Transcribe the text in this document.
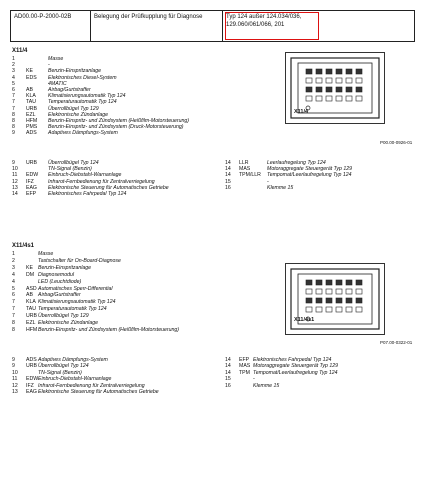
AD00.00-P-2000-02B	Belegung der Prüfkupplung für Diagnose	Typ 124 außer 124.034/036,
129.060/061/066, 201
X11/4
1	Masse
2	-
3	KE	Benzin-Einspritzanlage
4	EDS	Elektronisches Diesel-System
5	4MATIC
6	AB	Airbag/Gurtstraffer
7	KLA	Klimatisierungsautomatik Typ 124
7	TAU	Temperaturautomatik Typ 124
7	URB	Überrollbügel Typ 129
8	EZL	Elektronische Zündanlage
8	HFM	Benzin-Einspritz- und Zündsystem (Heißfilm-Motorsteuerung)
8	PMS	Benzin-Einspritz- und Zündsystem (Druck-Motorsteuerung)
9	ADS	Adaptives Dämpfungs-System
X11/4
P00.00-0926-01
9	URB	Überrollbügel Typ 124
10	TN-Signal (Benzin)
11	EDW	Einbruch-Diebstahl-Warnanlage
12	IFZ	Infrarot-Fernbedienung für Zentralverriegelung
13	EAG	Elektronische Steuerung für Automatisches Getriebe
14	EFP	Elektronisches Fahrpedal Typ 124
14	LLR	Leerlaufregelung Typ 124
14	MAS	Motoraggregate Steuergerät Typ 129
14	TPM/LLR	Tempomat/Leerlaufregelung Typ 124
15	-
16	Klemme 15
X11/4s1
1	Masse
2	Tastschalter für On-Board-Diagnose
3	KE Benzin-Einspritzanlage
4	DM Diagnosemodul
4	LED (Leuchtdiode)
5	ASD Automatisches Sperr-Differential
6	AB Airbag/Gurtstraffer
7	KLA Klimatisierungsautomatik Typ 124
7	TAU Temperaturautomatik Typ 124
7	URB Überrollbügel Typ 129
8	EZL Elektronische Zündanlage
8	HFM Benzin-Einspritz- und Zündsystem (Heißfilm-Motorsteuerung)
X11/4s1
P07.00-0322-01
9	ADS Adaptives Dämpfungs-System
9	URB Überrollbügel Typ 124
10	TN-Signal (Benzin)
11	EDW Einbruch-Diebstahl-Warnanlage
12	IFZ Infrarot-Fernbedienung für Zentralverriegelung
13	EAG Elektronische Steuerung für Automatisches Getriebe
14	EFP Elektronisches Fahrpedal Typ 124
14	MAS Motoraggregate Steuergerät Typ 129
14	TPM Tempomat/Leerlaufregelung Typ 124
15	-
16	Klemme 15
